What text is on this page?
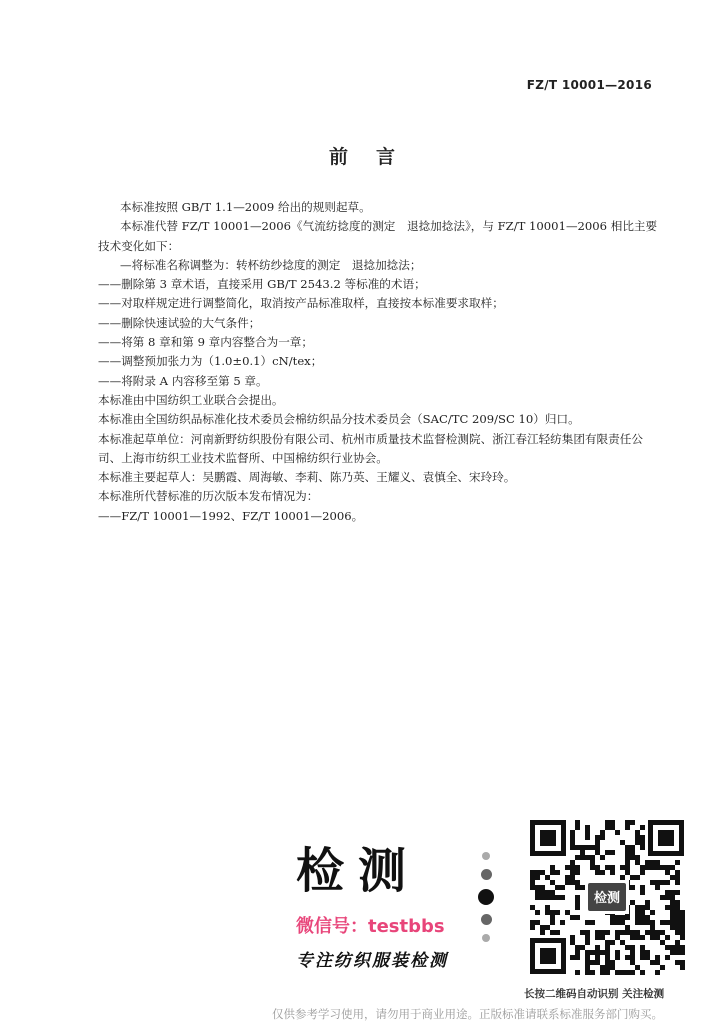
FZ/T 10001—2016
前言

本标准按照 GB/T 1.1—2009 给出的规则起草。

本标准代替 FZ/T 10001—2006《气流纺捻度的测定　退捻加捻法》，与 FZ/T 10001—2006 相比主要技术变化如下：

—将标准名称调整为：转杯纺纱捻度的测定　退捻加捻法；

——删除第 3 章术语，直接采用 GB/T 2543.2 等标准的术语；

——对取样规定进行调整简化，取消按产品标准取样，直接按本标准要求取样；

——删除快速试验的大气条件；

——将第 8 章和第 9 章内容整合为一章；

——调整预加张力为（1.0±0.1）cN/tex；

——将附录 A 内容移至第 5 章。

本标准由中国纺织工业联合会提出。

本标准由全国纺织品标准化技术委员会棉纺织品分技术委员会（SAC/TC 209/SC 10）归口。

本标准起草单位：河南新野纺织股份有限公司、杭州市质量技术监督检测院、浙江春江轻纺集团有限责任公司、上海市纺织工业技术监督所、中国棉纺织行业协会。

本标准主要起草人：吴鹏霞、周海敏、李莉、陈乃英、王耀义、袁慎全、宋玲玲。

本标准所代替标准的历次版本发布情况为：

——FZ/T 10001—1992、FZ/T 10001—2006。

检测
微信号：testbbs
专注纺织服装检测
检测
长按二维码自动识别 关注检测
仅供参考学习使用，请勿用于商业用途。正版标准请联系标准服务部门购买。
